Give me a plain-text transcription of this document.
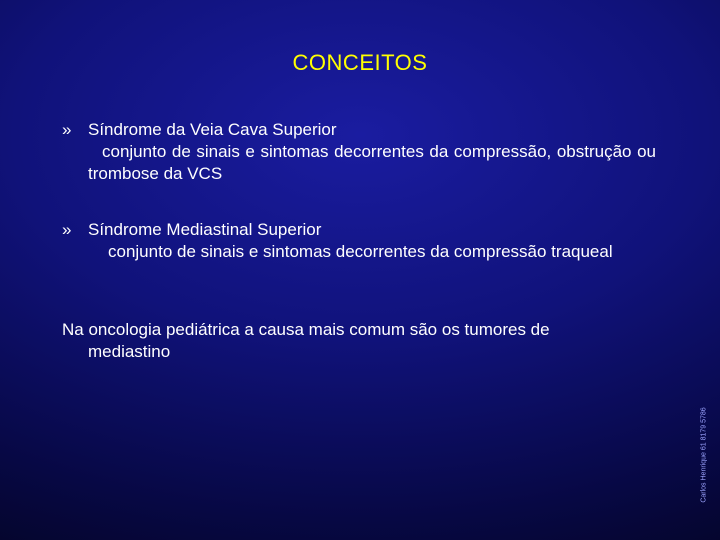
CONCEITOS
» Síndrome da Veia Cava Superior
conjunto de sinais e sintomas decorrentes da compressão, obstrução ou trombose da VCS
» Síndrome Mediastinal Superior
conjunto de sinais e sintomas decorrentes da compressão traqueal
Na oncologia pediátrica a causa mais comum são os tumores de
mediastino
Carlos Henrique 61 8179 5786
